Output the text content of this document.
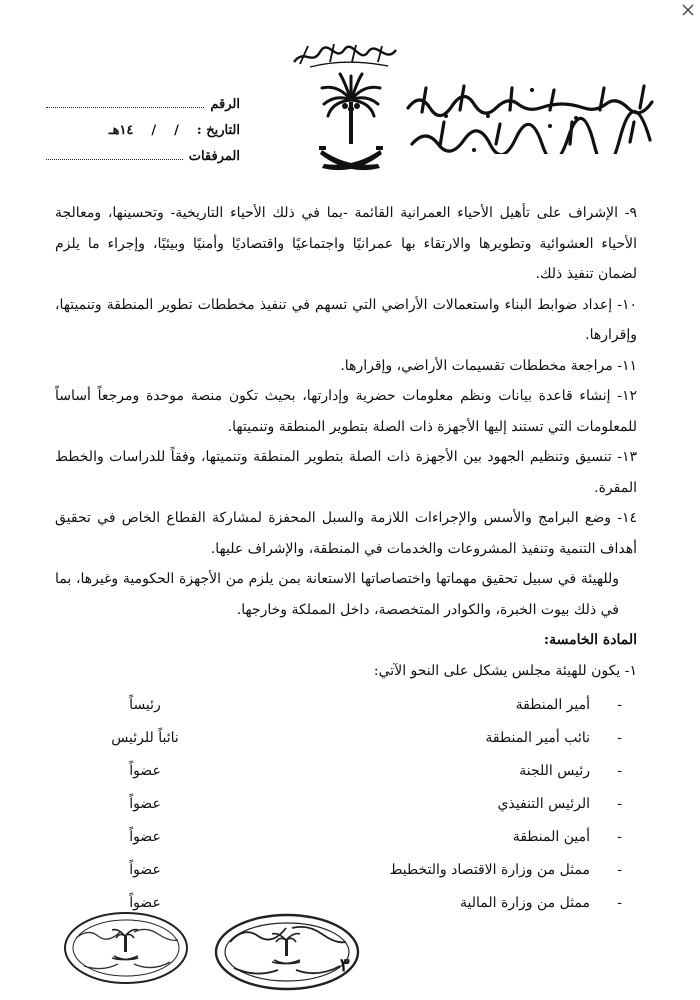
الرقم
التاريخ :
/
/
١٤هـ
المرفقات

٩- الإشراف على تأهيل الأحياء العمرانية القائمة -بما في ذلك الأحياء التاريخية- وتحسينها، ومعالجة الأحياء العشوائية وتطويرها والارتقاء بها عمرانيًا واجتماعيًا واقتصاديًا وأمنيًا وبيئيًا، وإجراء ما يلزم لضمان تنفيذ ذلك.

١٠- إعداد ضوابط البناء واستعمالات الأراضي التي تسهم في تنفيذ مخططات تطوير المنطقة وتنميتها، وإقرارها.

١١- مراجعة مخططات تقسيمات الأراضي، وإقرارها.

١٢- إنشاء قاعدة بيانات ونظم معلومات حضرية وإدارتها، بحيث تكون منصة موحدة ومرجعاً أساساً للمعلومات التي تستند إليها الأجهزة ذات الصلة بتطوير المنطقة وتنميتها.

١٣- تنسيق وتنظيم الجهود بين الأجهزة ذات الصلة بتطوير المنطقة وتنميتها، وفقاً للدراسات والخطط المقرة.

١٤- وضع البرامج والأسس والإجراءات اللازمة والسبل المحفزة لمشاركة القطاع الخاص في تحقيق أهداف التنمية وتنفيذ المشروعات والخدمات في المنطقة، والإشراف عليها.

وللهيئة في سبيل تحقيق مهماتها واختصاصاتها الاستعانة بمن يلزم من الأجهزة الحكومية وغيرها، بما في ذلك بيوت الخبرة، والكوادر المتخصصة، داخل المملكة وخارجها.

المادة الخامسة:

١- يكون للهيئة مجلس يشكل على النحو الآتي:

-
أمير المنطقة
رئيساً
-
نائب أمير المنطقة
نائباً للرئيس
-
رئيس اللجنة
عضواً
-
الرئيس التنفيذي
عضواً
-
أمين المنطقة
عضواً
-
ممثل من وزارة الاقتصاد والتخطيط
عضواً
-
ممثل من وزارة المالية
عضواً
٣
